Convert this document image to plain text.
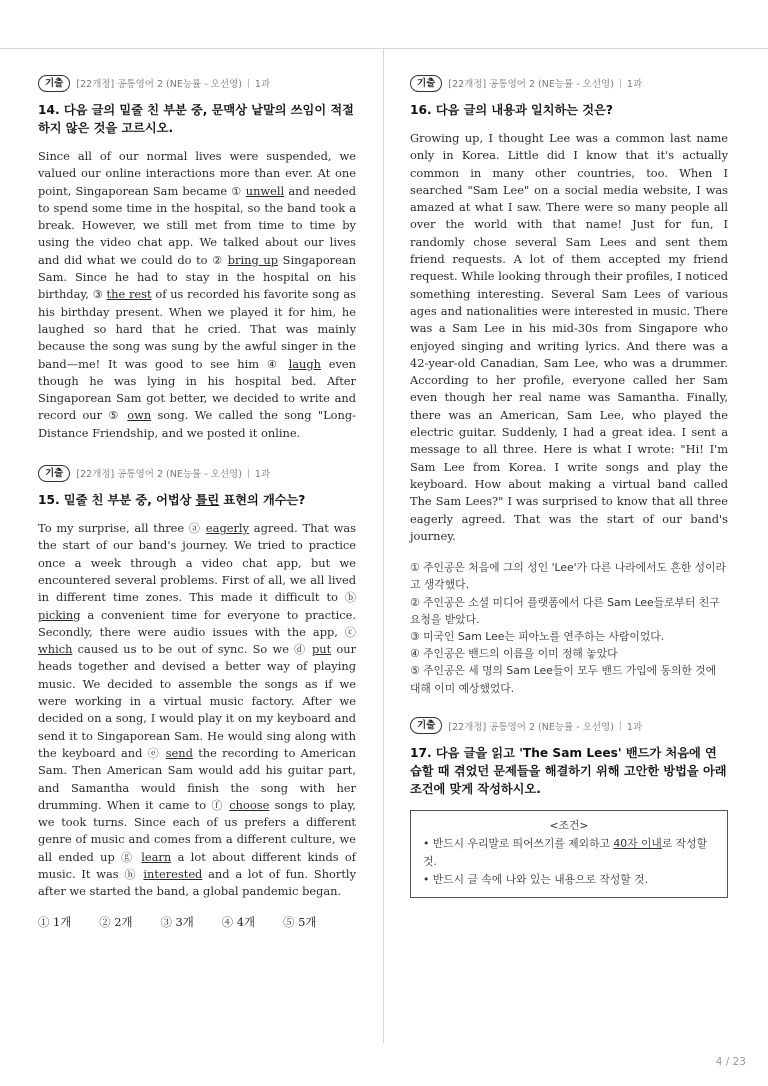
기출	[22개정] 공통영어 2 (NE능률 - 오선영) 1과
14. 다음 글의 밑줄 친 부분 중, 문맥상 낱말의 쓰임이 적절하지 않은 것을 고르시오.
Since all of our normal lives were suspended, we valued our online interactions more than ever. At one point, Singaporean Sam became ① unwell and needed to spend some time in the hospital, so the band took a break. However, we still met from time to time by using the video chat app. We talked about our lives and did what we could do to ② bring up Singaporean Sam. Since he had to stay in the hospital on his birthday, ③ the rest of us recorded his favorite song as his birthday present. When we played it for him, he laughed so hard that he cried. That was mainly because the song was sung by the awful singer in the band—me! It was good to see him ④ laugh even though he was lying in his hospital bed. After Singaporean Sam got better, we decided to write and record our ⑤ own song. We called the song "Long-Distance Friendship, and we posted it online.
기출	[22개정] 공통영어 2 (NE능률 - 오선영) 1과
15. 밑줄 친 부분 중, 어법상 틀린 표현의 개수는?
To my surprise, all three ⓐ eagerly agreed. That was the start of our band's journey. We tried to practice once a week through a video chat app, but we encountered several problems. First of all, we all lived in different time zones. This made it difficult to ⓑ picking a convenient time for everyone to practice. Secondly, there were audio issues with the app, ⓒ which caused us to be out of sync. So we ⓓ put our heads together and devised a better way of playing music. We decided to assemble the songs as if we were working in a virtual music factory. After we decided on a song, I would play it on my keyboard and send it to Singaporean Sam. He would sing along with the keyboard and ⓔ send the recording to American Sam. Then American Sam would add his guitar part, and Samantha would finish the song with her drumming. When it came to ⓕ choose songs to play, we took turns. Since each of us prefers a different genre of music and comes from a different culture, we all ended up ⓖ learn a lot about different kinds of music. It was ⓗ interested and a lot of fun. Shortly after we started the band, a global pandemic began.
① 1개 ② 2개 ③ 3개 ④ 4개 ⑤ 5개
기출	[22개정] 공통영어 2 (NE능률 - 오선영) 1과
16. 다음 글의 내용과 일치하는 것은?
Growing up, I thought Lee was a common last name only in Korea. Little did I know that it's actually common in many other countries, too. When I searched "Sam Lee" on a social media website, I was amazed at what I saw. There were so many people all over the world with that name! Just for fun, I randomly chose several Sam Lees and sent them friend requests. A lot of them accepted my friend request. While looking through their profiles, I noticed something interesting. Several Sam Lees of various ages and nationalities were interested in music. There was a Sam Lee in his mid-30s from Singapore who enjoyed singing and writing lyrics. And there was a 42-year-old Canadian, Sam Lee, who was a drummer. According to her profile, everyone called her Sam even though her real name was Samantha. Finally, there was an American, Sam Lee, who played the electric guitar. Suddenly, I had a great idea. I sent a message to all three. Here is what I wrote: "Hi! I'm Sam Lee from Korea. I write songs and play the keyboard. How about making a virtual band called The Sam Lees?" I was surprised to know that all three eagerly agreed. That was the start of our band's journey.
① 주인공은 처음에 그의 성인 'Lee'가 다른 나라에서도 흔한 성이라고 생각했다.
② 주인공은 소셜 미디어 플랫폼에서 다른 Sam Lee들로부터 친구 요청을 받았다.
③ 미국인 Sam Lee는 피아노를 연주하는 사람이었다.
④ 주인공은 밴드의 이름을 이미 정해 놓았다
⑤ 주인공은 세 명의 Sam Lee들이 모두 밴드 가입에 동의한 것에 대해 이미 예상했었다.
기출	[22개정] 공통영어 2 (NE능률 - 오선영) 1과
17. 다음 글을 읽고 'The Sam Lees' 밴드가 처음에 연습할 때 겪었던 문제들을 해결하기 위해 고안한 방법을 아래 조건에 맞게 작성하시오.
<조건>
• 반드시 우리말로 띄어쓰기를 제외하고 40자 이내로 작성할 것.
• 반드시 글 속에 나와 있는 내용으로 작성할 것.
4 / 23
